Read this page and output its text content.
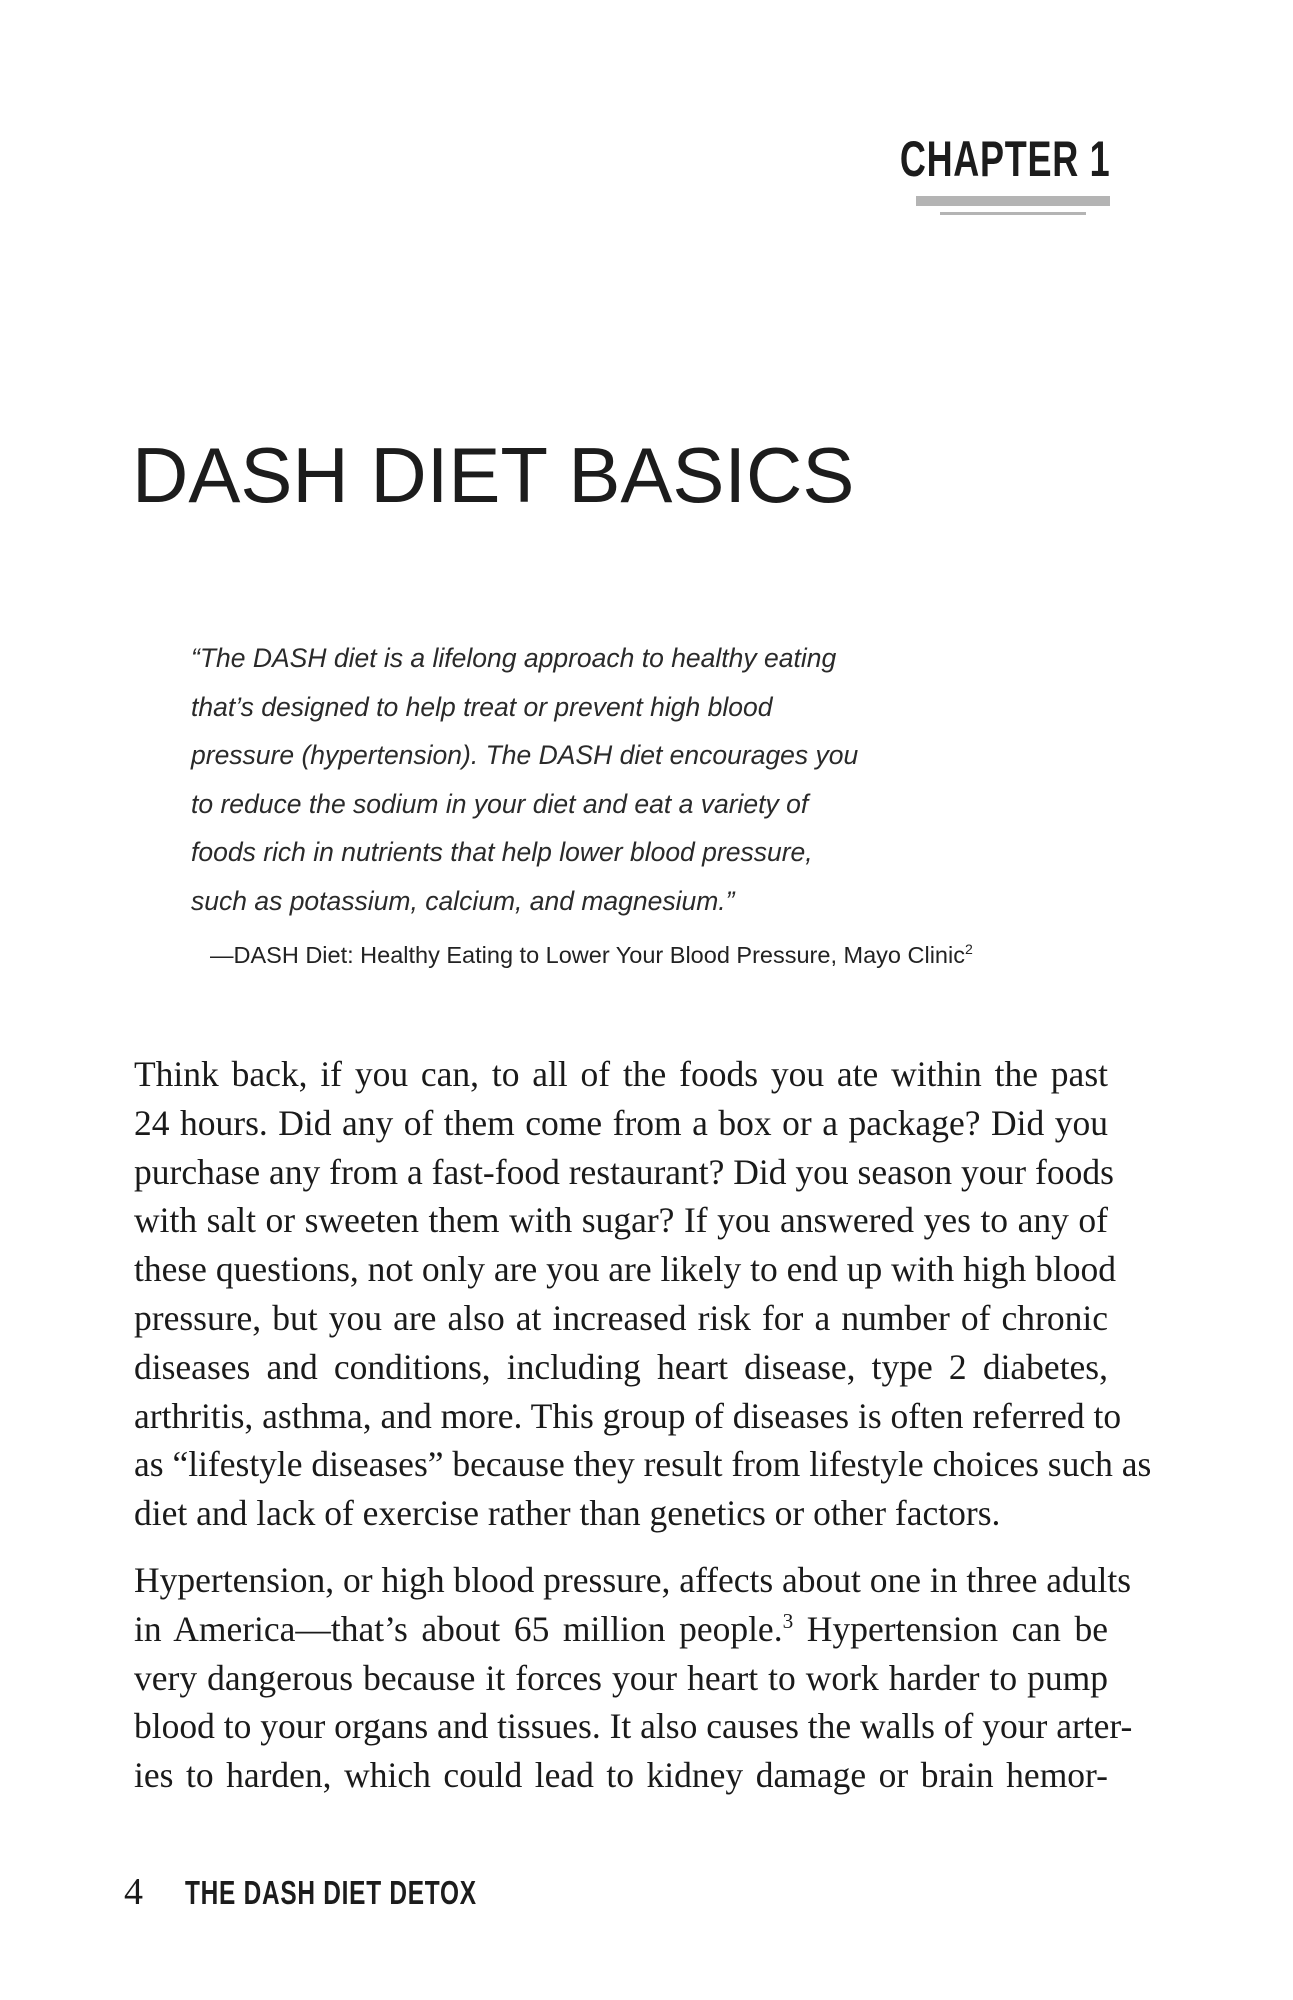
CHAPTER 1
DASH DIET BASICS
“The DASH diet is a lifelong approach to healthy eating
that’s designed to help treat or prevent high blood
pressure (hypertension). The DASH diet encourages you
to reduce the sodium in your diet and eat a variety of
foods rich in nutrients that help lower blood pressure,
such as potassium, calcium, and magnesium.”

—DASH Diet: Healthy Eating to Lower Your Blood Pressure, Mayo Clinic$^2$

Think back, if you can, to all of the foods you ate within the past
24 hours. Did any of them come from a box or a package? Did you
purchase any from a fast-food restaurant? Did you season your foods
with salt or sweeten them with sugar? If you answered yes to any of
these questions, not only are you are likely to end up with high blood
pressure, but you are also at increased risk for a number of chronic
diseases and conditions, including heart disease, type 2 diabetes,
arthritis, asthma, and more. This group of diseases is often referred to
as “lifestyle diseases” because they result from lifestyle choices such as
diet and lack of exercise rather than genetics or other factors.
Hypertension, or high blood pressure, affects about one in three adults
in America—that’s about 65 million people.$^3$ Hypertension can be
very dangerous because it forces your heart to work harder to pump
blood to your organs and tissues. It also causes the walls of your arter-
ies to harden, which could lead to kidney damage or brain hemor-
4 THE DASH DIET DETOX
